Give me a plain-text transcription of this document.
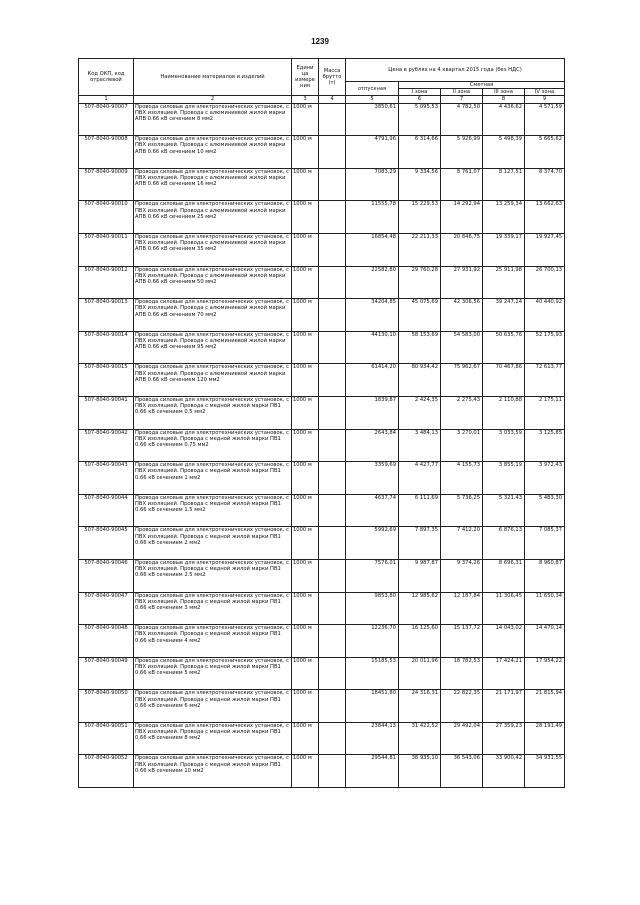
1239
Код ОКП, код отраслевой	Наименование материалов и изделий	Едини ца измере ния	Масса брутто (т)	Цена в рублях на 4 квартал 2015 года (без НДС)				
				отпускная	Сметная			
					I зона	II зона	III зона	IV зона
1	2	3	4	5	6	7	8	9
507-8040-90007	Провода силовые для электротехнических установок, с ПВХ изоляцией. Провода с алюминиевой жилой марки АПВ 0.66 кВ сечением 8 мм2	1000 м		3850,61	5 095,53	4 782,50	4 436,62	4 571,59
507-8040-90008	Провода силовые для электротехнических установок, с ПВХ изоляцией. Провода с алюминиевой жилой марки АПВ 0.66 кВ сечением 10 мм2	1000 м		4791,96	6 314,66	5 926,99	5 498,39	5 665,62
507-8040-90009	Провода силовые для электротехнических установок, с ПВХ изоляцией. Провода с алюминиевой жилой марки АПВ 0.66 кВ сечением 16 мм2	1000 м		7083,29	9 334,56	8 761,07	8 127,51	8 374,70
507-8040-90010	Провода силовые для электротехнических установок, с ПВХ изоляцией. Провода с алюминиевой жилой марки АПВ 0.66 кВ сечением 25 мм2	1000 м		11555,78	15 229,53	14 292,94	13 259,34	13 662,63
507-8040-90011	Провода силовые для электротехнических установок, с ПВХ изоляцией. Провода с алюминиевой жилой марки АПВ 0.66 кВ сечением 35 мм2	1000 м		16854,48	22 211,33	20 846,75	19 339,17	19 927,45
507-8040-90012	Провода силовые для электротехнических установок, с ПВХ изоляцией. Провода с алюминиевой жилой марки АПВ 0.66 кВ сечением 50 мм2	1000 м		22582,80	29 760,28	27 931,92	25 911,98	26 700,13
507-8040-90013	Провода силовые для электротехнических установок, с ПВХ изоляцией. Провода с алюминиевой жилой марки АПВ 0.66 кВ сечением 70 мм2	1000 м		34204,85	45 075,69	42 306,56	39 247,14	40 440,92
507-8040-90014	Провода силовые для электротехнических установок, с ПВХ изоляцией. Провода с алюминиевой жилой марки АПВ 0.66 кВ сечением 95 мм2	1000 м		44130,10	58 153,69	54 583,00	50 635,76	52 175,93
507-8040-90015	Провода силовые для электротехнических установок, с ПВХ изоляцией. Провода с алюминиевой жилой марки АПВ 0.66 кВ сечением 120 мм2	1000 м		61414,20	80 934,42	75 962,67	70 467,86	72 613,77
507-8040-90041	Провода силовые для электротехнических установок, с ПВХ изоляцией. Провода с медной жилой марки ПВ1 0.66 кВ сечением 0.5 мм2	1000 м		1839,87	2 424,35	2 275,43	2 110,88	2 175,11
507-8040-90042	Провода силовые для электротехнических установок, с ПВХ изоляцией. Провода с медной жилой марки ПВ1 0.66 кВ сечением 0.75 мм2	1000 м		2643,84	3 484,13	3 270,01	3 033,59	3 125,85
507-8040-90043	Провода силовые для электротехнических установок, с ПВХ изоляцией. Провода с медной жилой марки ПВ1 0.66 кВ сечением 1 мм2	1000 м		3359,69	4 427,77	4 155,73	3 855,19	3 972,43
507-8040-90044	Провода силовые для электротехнических установок, с ПВХ изоляцией. Провода с медной жилой марки ПВ1 0.66 кВ сечением 1.5 мм2	1000 м		4637,74	6 111,69	5 736,25	5 321,43	5 483,30
507-8040-90045	Провода силовые для электротехнических установок, с ПВХ изоляцией. Провода с медной жилой марки ПВ1 0.66 кВ сечением 2 мм2	1000 м		5992,69	7 897,35	7 412,20	6 876,13	7 085,37
507-8040-90046	Провода силовые для электротехнических установок, с ПВХ изоляцией. Провода с медной жилой марки ПВ1 0.66 кВ сечением 2.5 мм2	1000 м		7576,01	9 987,87	9 374,26	8 696,31	8 960,87
507-8040-90047	Провода силовые для электротехнических установок, с ПВХ изоляцией. Провода с медной жилой марки ПВ1 0.66 кВ сечением 3 мм2	1000 м		9853,80	12 985,62	12 187,84	11 306,45	11 650,34
507-8040-90048	Провода силовые для электротехнических установок, с ПВХ изоляцией. Провода с медной жилой марки ПВ1 0.66 кВ сечением 4 мм2	1000 м		12236,70	16 125,60	15 137,72	14 043,02	14 470,14
507-8040-90049	Провода силовые для электротехнических установок, с ПВХ изоляцией. Провода с медной жилой марки ПВ1 0.66 кВ сечением 5 мм2	1000 м		15185,53	20 011,96	18 782,53	17 424,21	17 954,22
507-8040-90050	Провода силовые для электротехнических установок, с ПВХ изоляцией. Провода с медной жилой марки ПВ1 0.66 кВ сечением 6 мм2	1000 м		18451,80	24 316,31	22 822,35	21 171,97	21 815,94
507-8040-90051	Провода силовые для электротехнических установок, с ПВХ изоляцией. Провода с медной жилой марки ПВ1 0.66 кВ сечением 8 мм2	1000 м		23844,13	31 422,52	29 492,04	27 359,23	28 191,49
507-8040-90052	Провода силовые для электротехнических установок, с ПВХ изоляцией. Провода с медной жилой марки ПВ1 0.66 кВ сечением 10 мм2	1000 м		29544,81	38 935,10	36 543,06	33 900,42	34 931,55
